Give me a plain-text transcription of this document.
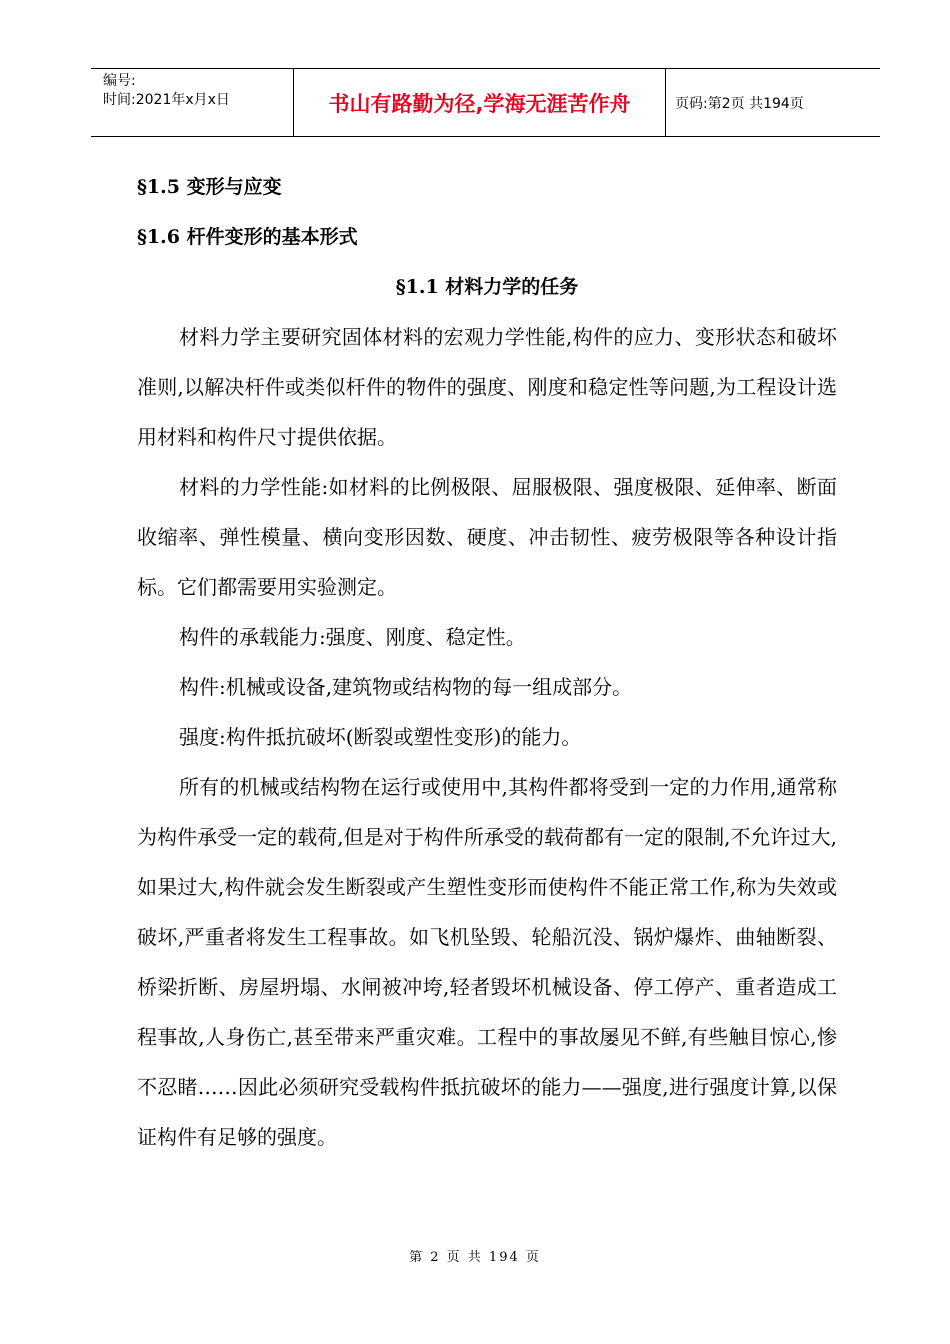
编号:
时间:2021年x月x日	书山有路勤为径,学海无涯苦作舟	页码:第2页 共194页
§1.5 变形与应变
§1.6 杆件变形的基本形式
§1.1 材料力学的任务

材料力学主要研究固体材料的宏观力学性能,构件的应力、变形状态和破坏准则,以解决杆件或类似杆件的物件的强度、刚度和稳定性等问题,为工程设计选用材料和构件尺寸提供依据。

材料的力学性能:如材料的比例极限、屈服极限、强度极限、延伸率、断面收缩率、弹性模量、横向变形因数、硬度、冲击韧性、疲劳极限等各种设计指标。它们都需要用实验测定。

构件的承载能力:强度、刚度、稳定性。

构件:机械或设备,建筑物或结构物的每一组成部分。

强度:构件抵抗破坏(断裂或塑性变形)的能力。

所有的机械或结构物在运行或使用中,其构件都将受到一定的力作用,通常称为构件承受一定的载荷,但是对于构件所承受的载荷都有一定的限制,不允许过大,如果过大,构件就会发生断裂或产生塑性变形而使构件不能正常工作,称为失效或破坏,严重者将发生工程事故。如飞机坠毁、轮船沉没、锅炉爆炸、曲轴断裂、桥梁折断、房屋坍塌、水闸被冲垮,轻者毁坏机械设备、停工停产、重者造成工程事故,人身伤亡,甚至带来严重灾难。工程中的事故屡见不鲜,有些触目惊心,惨不忍睹……因此必须研究受载构件抵抗破坏的能力——强度,进行强度计算,以保证构件有足够的强度。

第 2 页 共 194 页
